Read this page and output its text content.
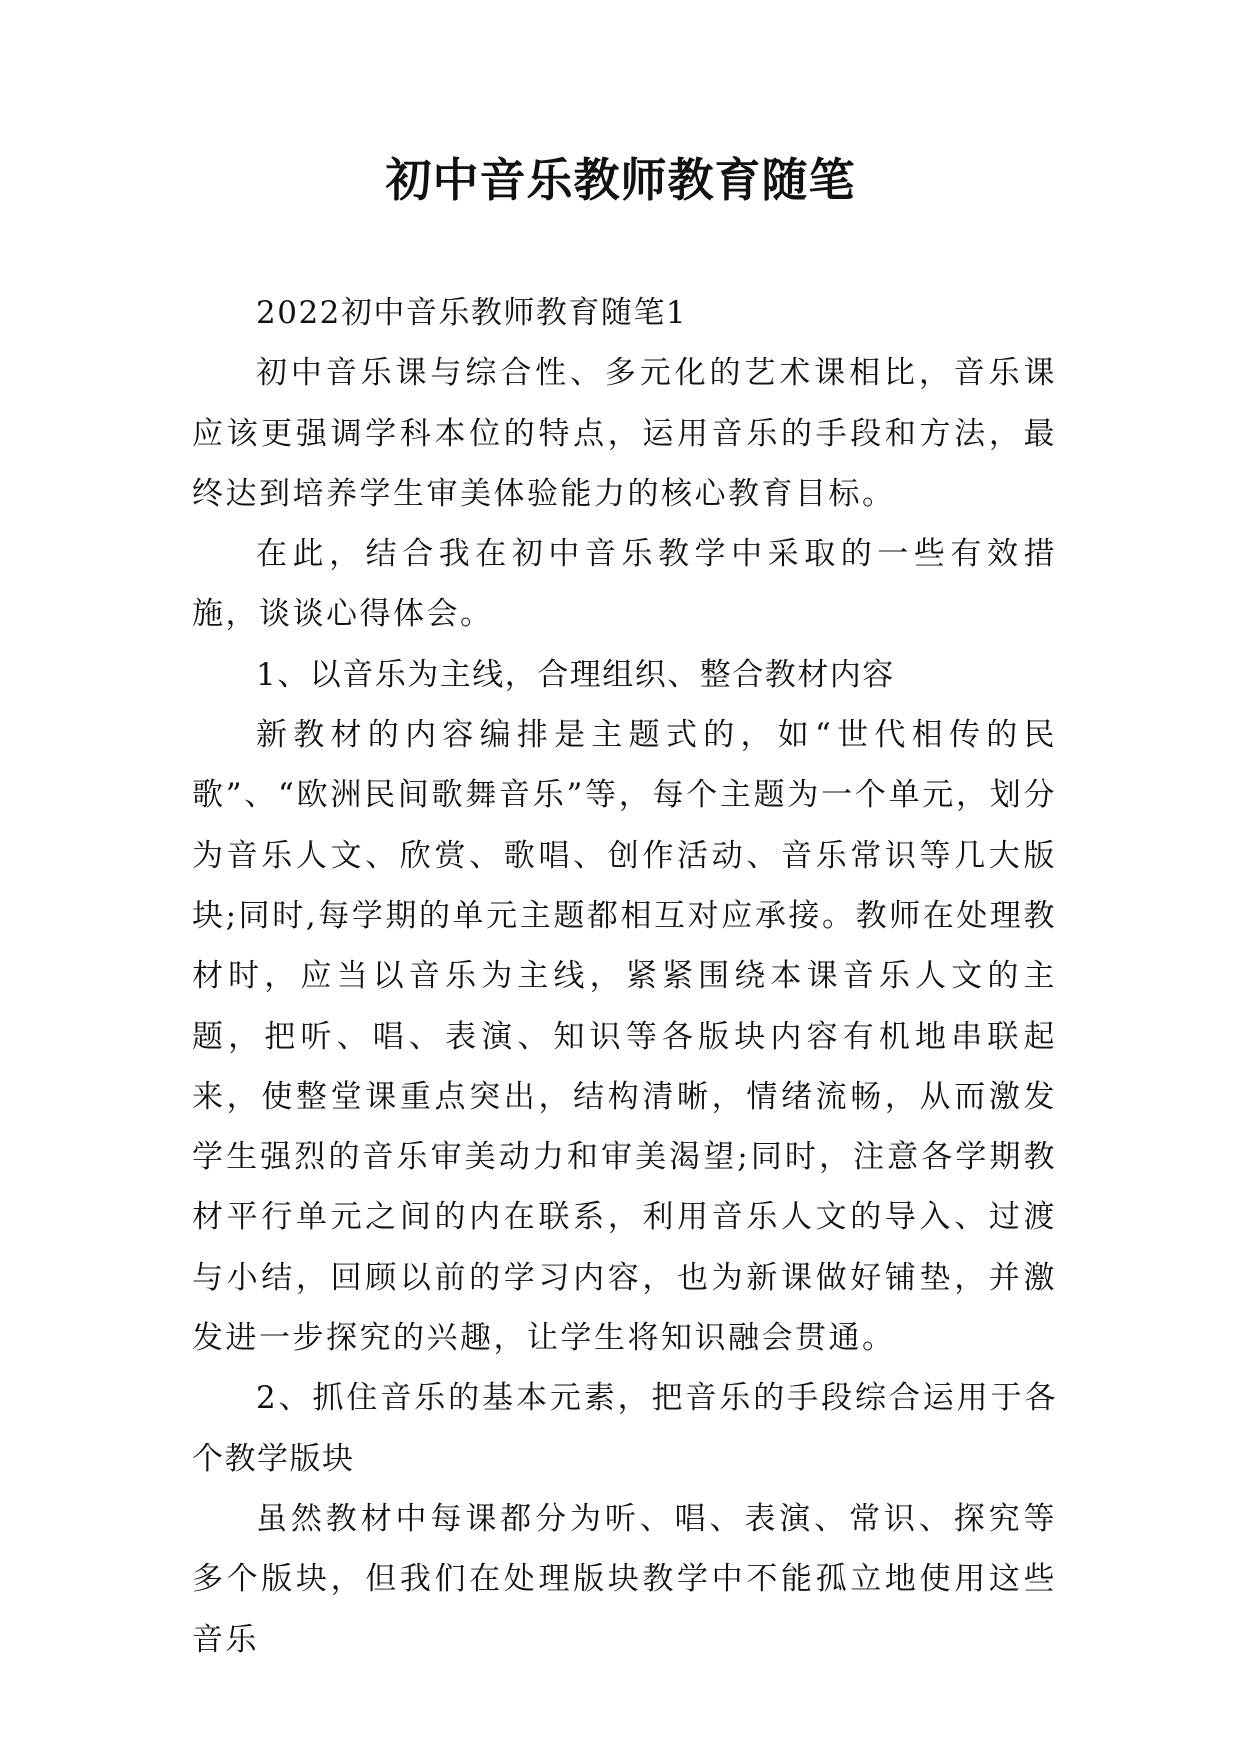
初中音乐教师教育随笔

2022初中音乐教师教育随笔1

初中音乐课与综合性、多元化的艺术课相比，音乐课应该更强调学科本位的特点，运用音乐的手段和方法，最终达到培养学生审美体验能力的核心教育目标。

在此，结合我在初中音乐教学中采取的一些有效措施，谈谈心得体会。

1、以音乐为主线，合理组织、整合教材内容

新教材的内容编排是主题式的，如“世代相传的民歌”、“欧洲民间歌舞音乐”等，每个主题为一个单元，划分为音乐人文、欣赏、歌唱、创作活动、音乐常识等几大版块;同时,每学期的单元主题都相互对应承接。教师在处理教材时，应当以音乐为主线，紧紧围绕本课音乐人文的主题，把听、唱、表演、知识等各版块内容有机地串联起来，使整堂课重点突出，结构清晰，情绪流畅，从而激发学生强烈的音乐审美动力和审美渴望;同时，注意各学期教材平行单元之间的内在联系，利用音乐人文的导入、过渡与小结，回顾以前的学习内容，也为新课做好铺垫，并激发进一步探究的兴趣，让学生将知识融会贯通。

2、抓住音乐的基本元素，把音乐的手段综合运用于各个教学版块

虽然教材中每课都分为听、唱、表演、常识、探究等多个版块，但我们在处理版块教学中不能孤立地使用这些音乐
